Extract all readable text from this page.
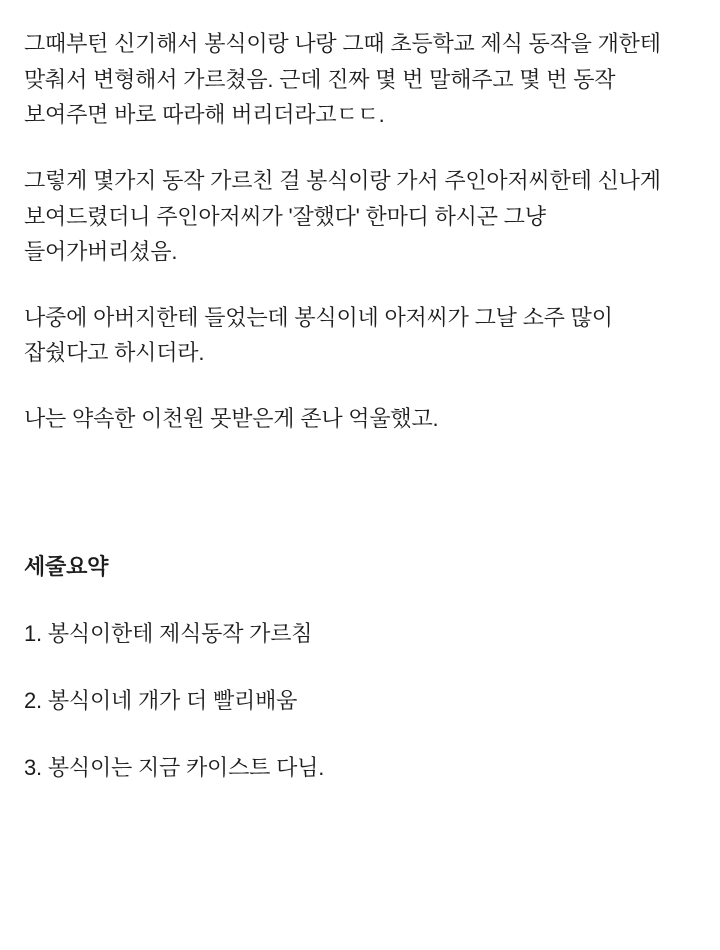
그때부턴 신기해서 봉식이랑 나랑 그때 초등학교 제식 동작을 개한테 맞춰서 변형해서 가르쳤음. 근데 진짜 몇 번 말해주고 몇 번 동작 보여주면 바로 따라해 버리더라고ㄷㄷ.

그렇게 몇가지 동작 가르친 걸 봉식이랑 가서 주인아저씨한테 신나게 보여드렸더니 주인아저씨가 '잘했다' 한마디 하시곤 그냥 들어가버리셨음.

나중에 아버지한테 들었는데 봉식이네 아저씨가 그날 소주 많이 잡쉈다고 하시더라.

나는 약속한 이천원 못받은게 존나 억울했고.

세줄요약

1. 봉식이한테 제식동작 가르침

2. 봉식이네 개가 더 빨리배움

3. 봉식이는 지금 카이스트 다님.
